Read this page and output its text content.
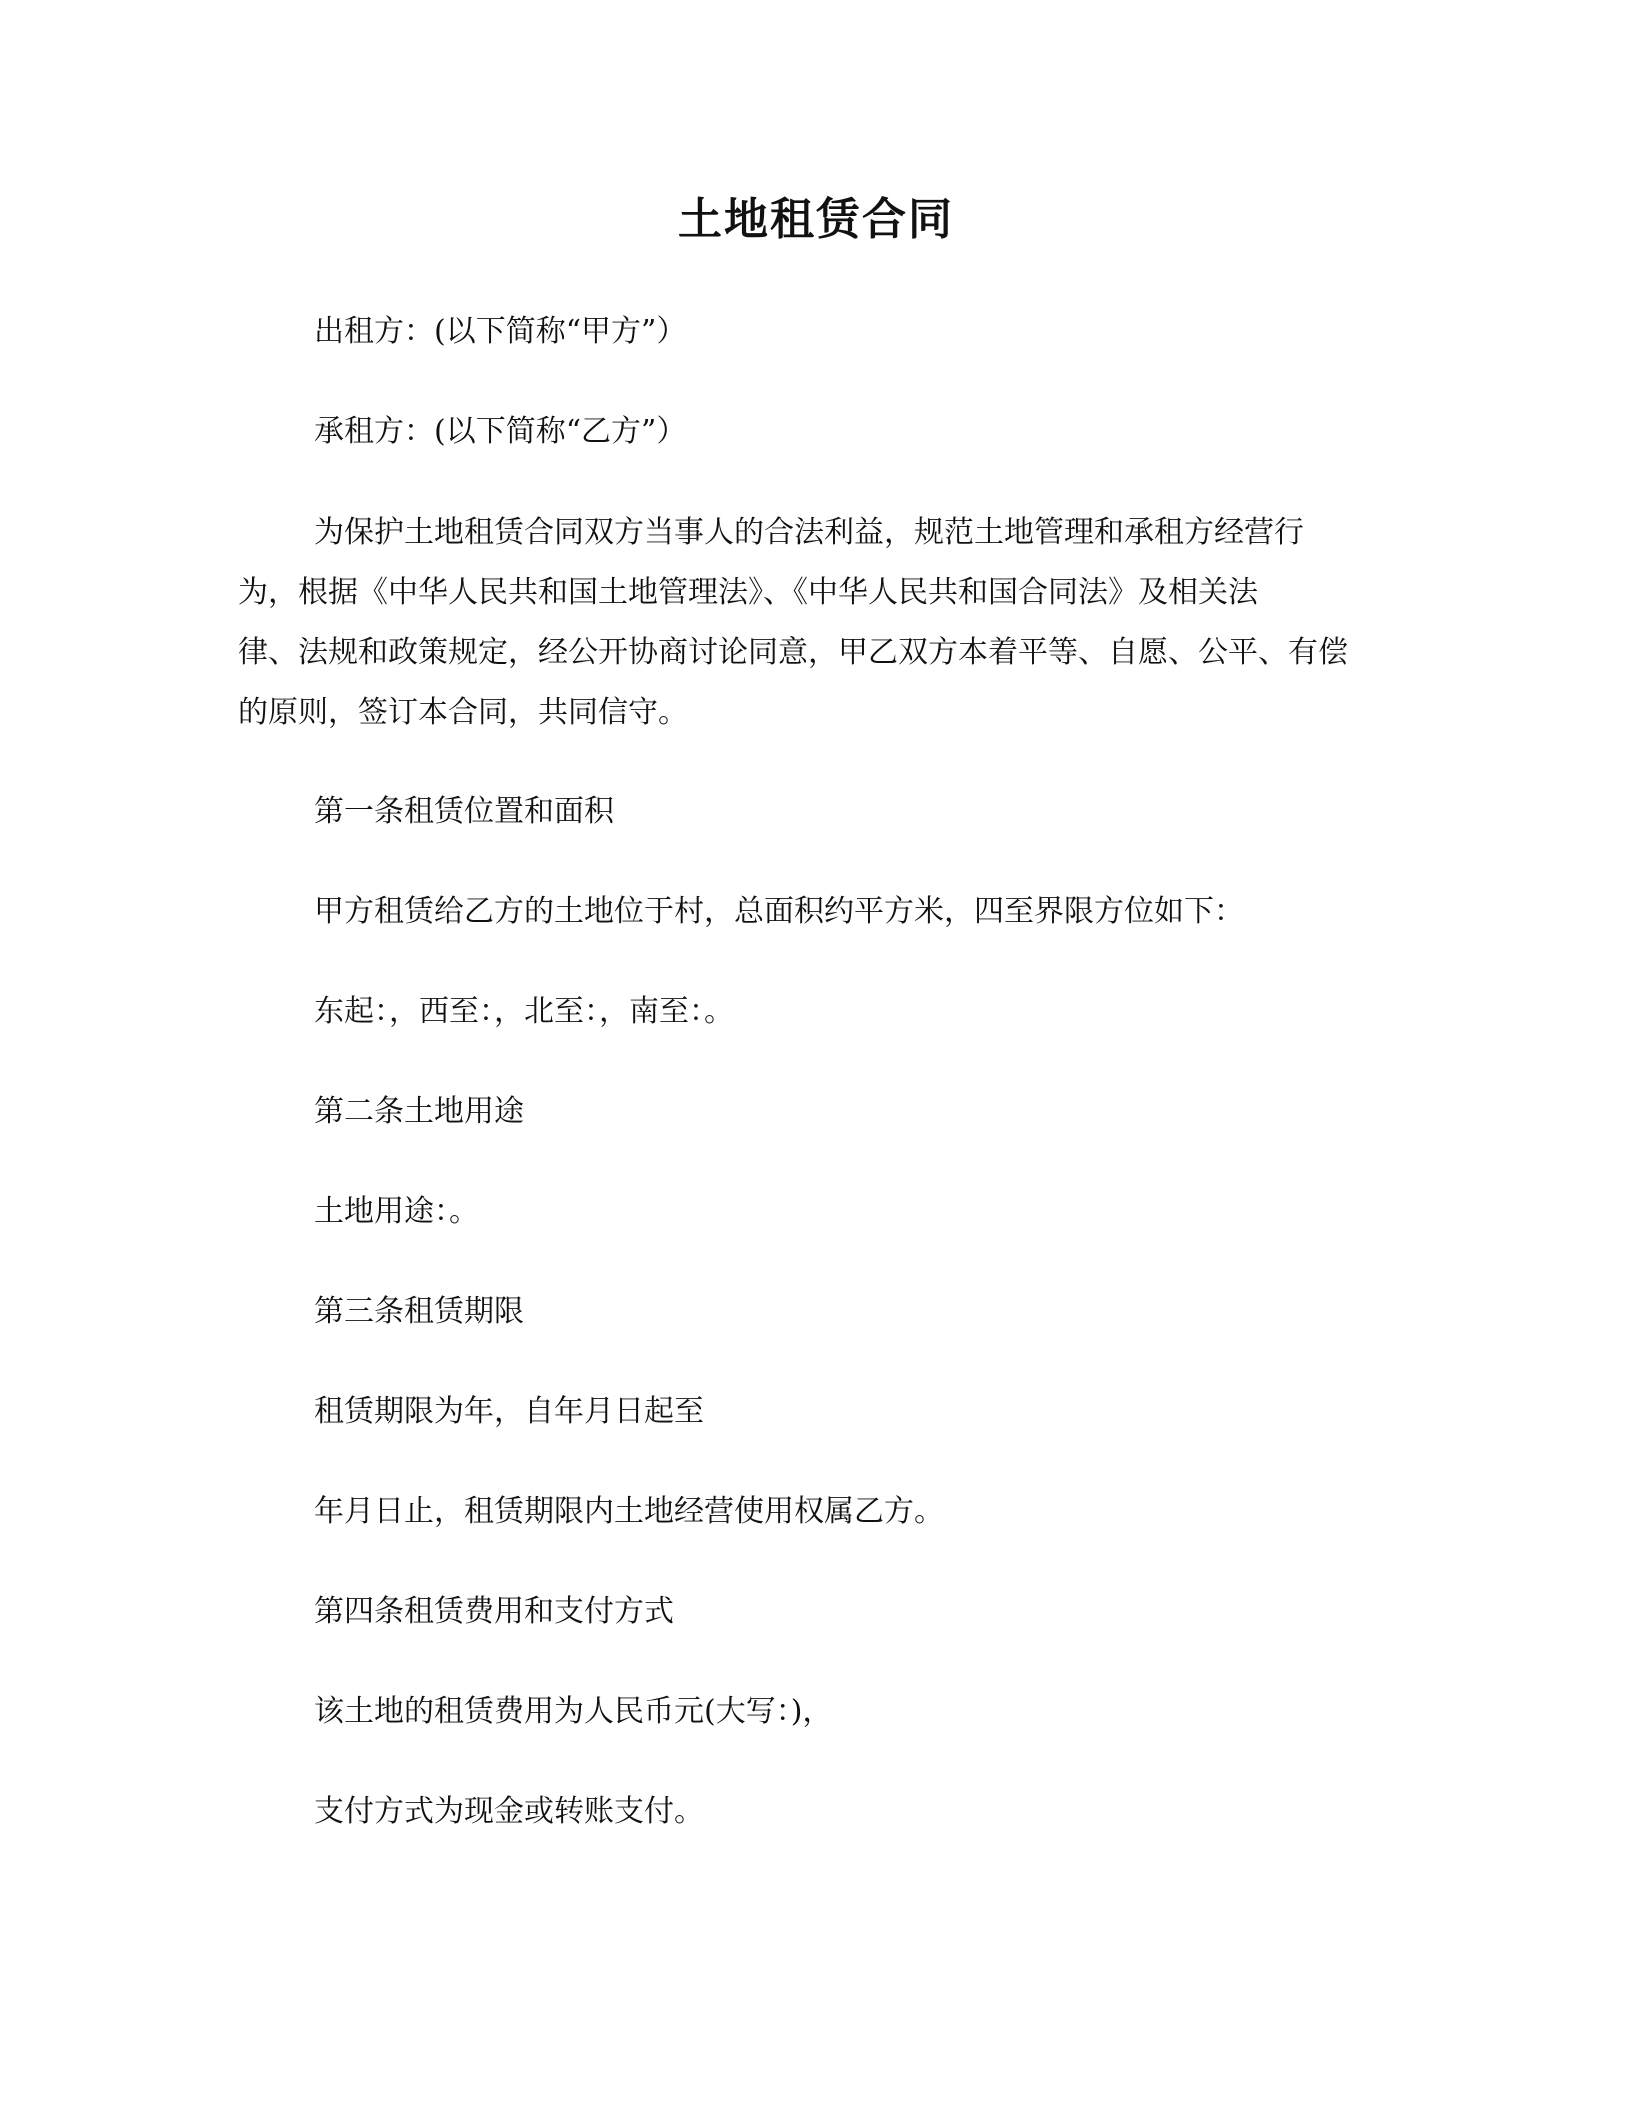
土地租赁合同
出租方：(以下简称“甲方”）
承租方：(以下简称“乙方”）
为保护土地租赁合同双方当事人的合法利益，规范土地管理和承租方经营行
为，根据《中华人民共和国土地管理法》、《中华人民共和国合同法》及相关法
律、法规和政策规定，经公开协商讨论同意，甲乙双方本着平等、自愿、公平、有偿
的原则，签订本合同，共同信守。
第一条租赁位置和面积
甲方租赁给乙方的土地位于村，总面积约平方米，四至界限方位如下：
东起：，西至：，北至：，南至：。
第二条土地用途
土地用途：。
第三条租赁期限
租赁期限为年，自年月日起至
年月日止，租赁期限内土地经营使用权属乙方。
第四条租赁费用和支付方式
该土地的租赁费用为人民币元(大写：)，
支付方式为现金或转账支付。
